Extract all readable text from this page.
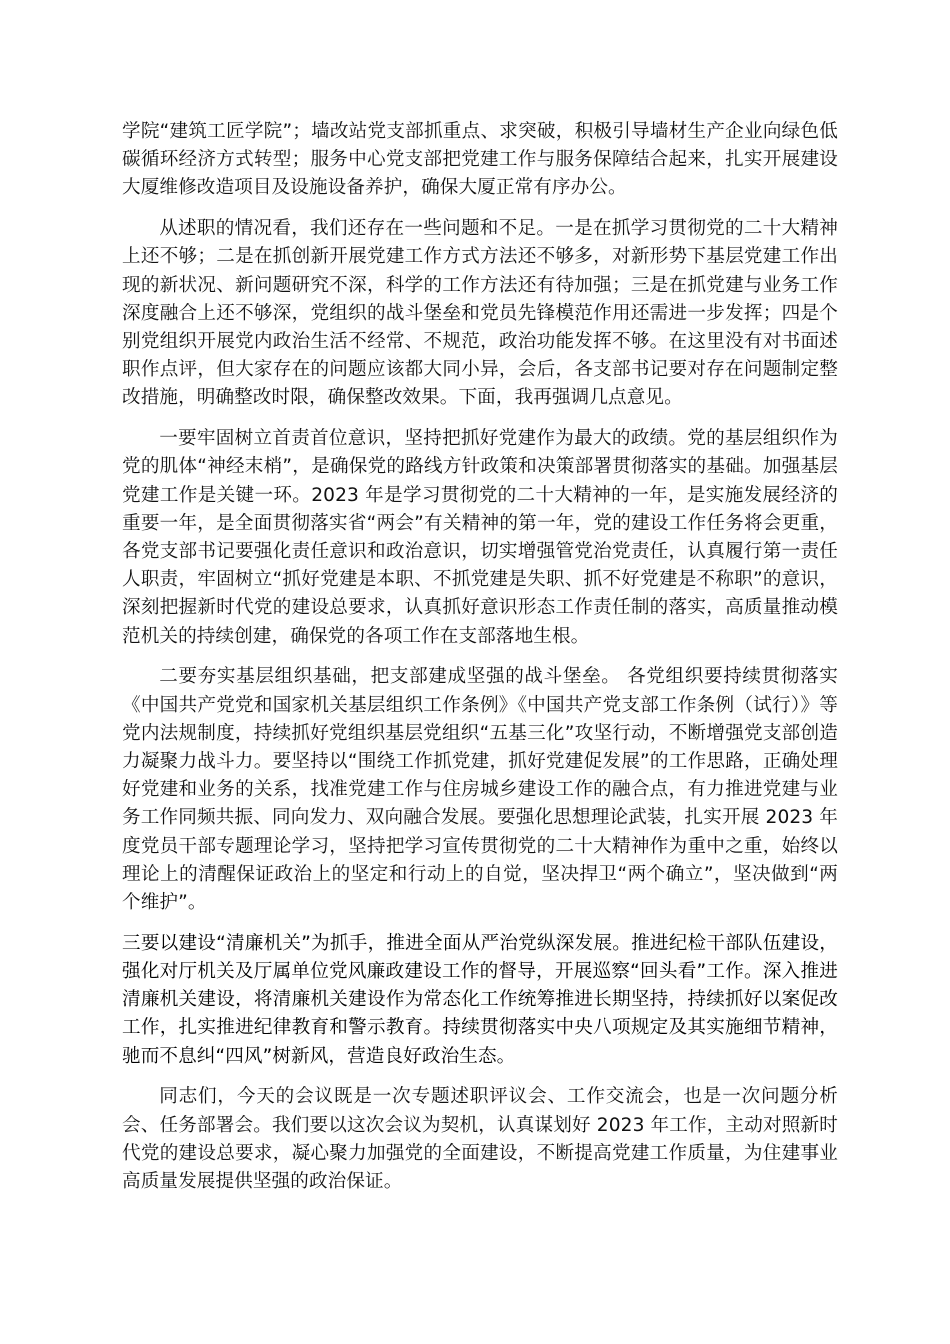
学院“建筑工匠学院”；墙改站党支部抓重点、求突破，积极引导墙材生产企业向绿色低碳循环经济方式转型；服务中心党支部把党建工作与服务保障结合起来，扎实开展建设大厦维修改造项目及设施设备养护，确保大厦正常有序办公。

从述职的情况看，我们还存在一些问题和不足。一是在抓学习贯彻党的二十大精神上还不够；二是在抓创新开展党建工作方式方法还不够多，对新形势下基层党建工作出现的新状况、新问题研究不深，科学的工作方法还有待加强；三是在抓党建与业务工作深度融合上还不够深，党组织的战斗堡垒和党员先锋模范作用还需进一步发挥；四是个别党组织开展党内政治生活不经常、不规范，政治功能发挥不够。在这里没有对书面述职作点评，但大家存在的问题应该都大同小异，会后，各支部书记要对存在问题制定整改措施，明确整改时限，确保整改效果。下面，我再强调几点意见。

一要牢固树立首责首位意识，坚持把抓好党建作为最大的政绩。党的基层组织作为党的肌体“神经末梢”，是确保党的路线方针政策和决策部署贯彻落实的基础。加强基层党建工作是关键一环。2023 年是学习贯彻党的二十大精神的一年，是实施发展经济的重要一年，是全面贯彻落实省“两会”有关精神的第一年，党的建设工作任务将会更重，各党支部书记要强化责任意识和政治意识，切实增强管党治党责任，认真履行第一责任人职责，牢固树立“抓好党建是本职、不抓党建是失职、抓不好党建是不称职”的意识，深刻把握新时代党的建设总要求，认真抓好意识形态工作责任制的落实，高质量推动模范机关的持续创建，确保党的各项工作在支部落地生根。

二要夯实基层组织基础，把支部建成坚强的战斗堡垒。 各党组织要持续贯彻落实《中国共产党党和国家机关基层组织工作条例》《中国共产党支部工作条例（试行）》等党内法规制度，持续抓好党组织基层党组织“五基三化”攻坚行动，不断增强党支部创造力凝聚力战斗力。要坚持以“围绕工作抓党建，抓好党建促发展”的工作思路，正确处理好党建和业务的关系，找准党建工作与住房城乡建设工作的融合点，有力推进党建与业务工作同频共振、同向发力、双向融合发展。要强化思想理论武装，扎实开展 2023 年度党员干部专题理论学习，坚持把学习宣传贯彻党的二十大精神作为重中之重，始终以理论上的清醒保证政治上的坚定和行动上的自觉，坚决捍卫“两个确立”，坚决做到“两个维护”。

三要以建设“清廉机关”为抓手，推进全面从严治党纵深发展。推进纪检干部队伍建设，强化对厅机关及厅属单位党风廉政建设工作的督导，开展巡察“回头看”工作。深入推进清廉机关建设，将清廉机关建设作为常态化工作统筹推进长期坚持，持续抓好以案促改工作，扎实推进纪律教育和警示教育。持续贯彻落实中央八项规定及其实施细节精神，驰而不息纠“四风”树新风，营造良好政治生态。

同志们，今天的会议既是一次专题述职评议会、工作交流会，也是一次问题分析会、任务部署会。我们要以这次会议为契机，认真谋划好 2023 年工作，主动对照新时代党的建设总要求，凝心聚力加强党的全面建设，不断提高党建工作质量，为住建事业高质量发展提供坚强的政治保证。
